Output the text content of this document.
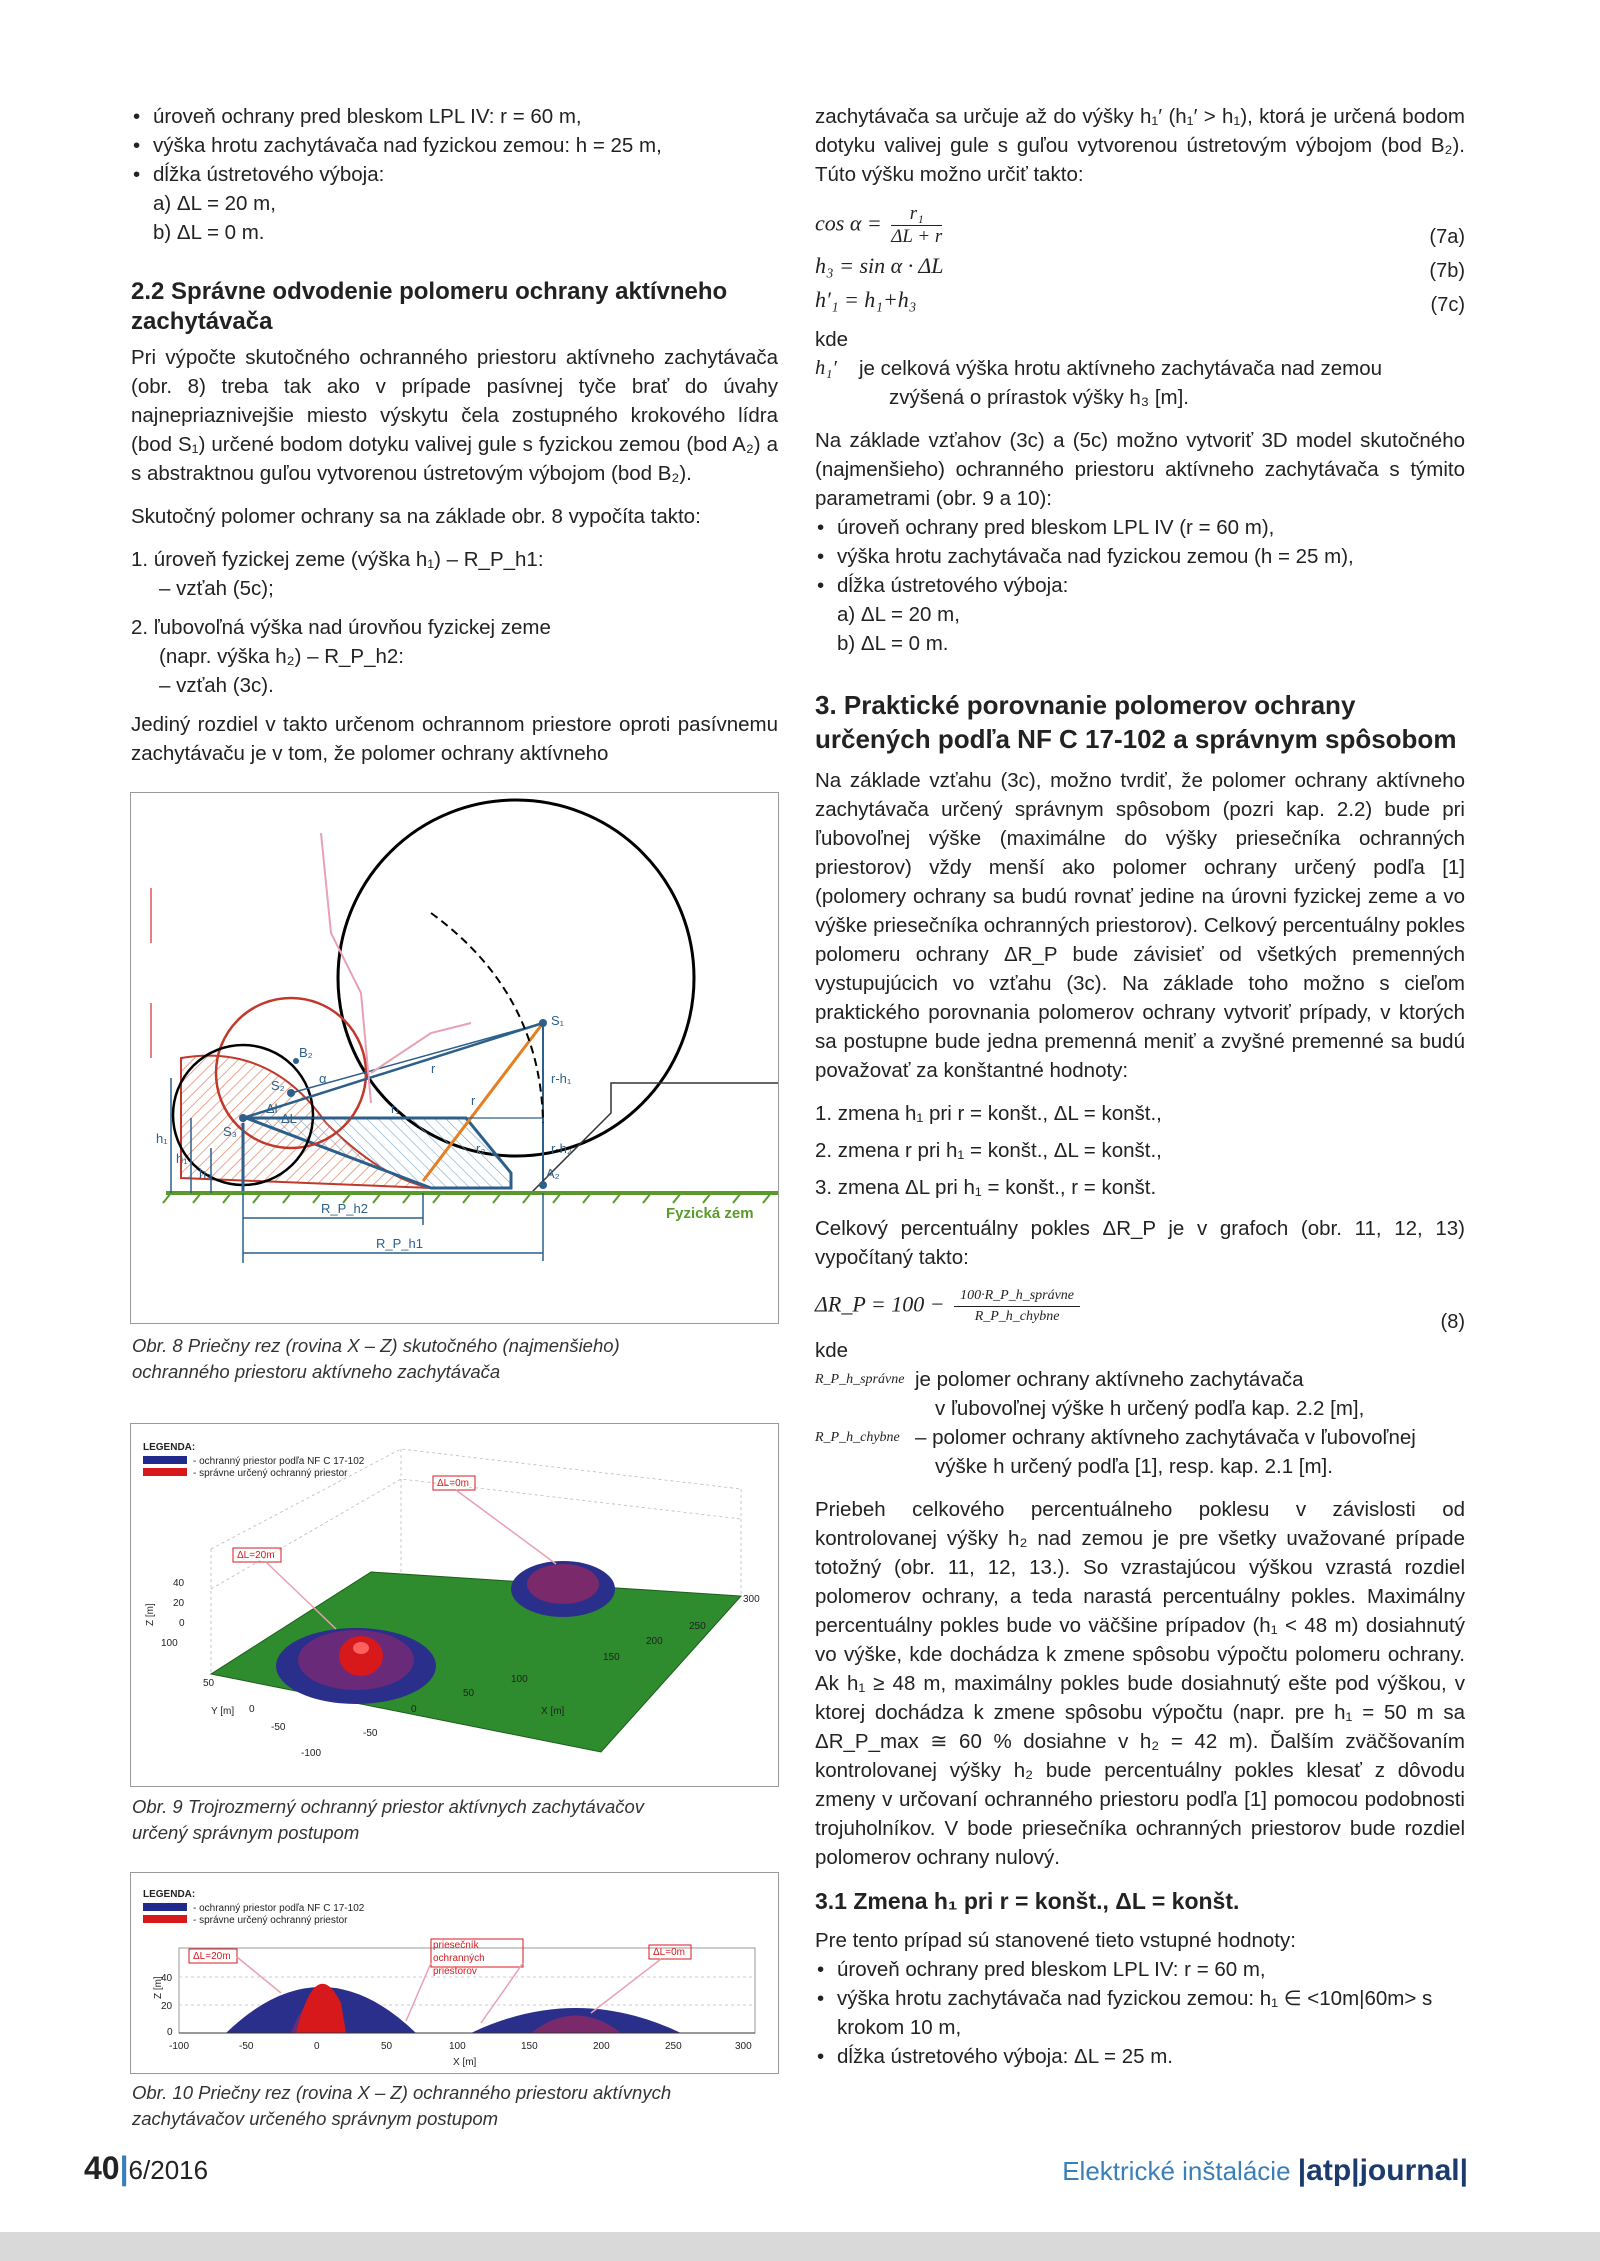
• úroveň ochrany pred bleskom LPL IV: r = 60 m,
• výška hrotu zachytávača nad fyzickou zemou: h = 25 m,
• dĺžka ústretového výboja:
a) ΔL = 20 m,
b) ΔL = 0 m.
2.2 Správne odvodenie polomeru ochrany aktívneho zachytávača

Pri výpočte skutočného ochranného priestoru aktívneho zachytávača (obr. 8) treba tak ako v prípade pasívnej tyče brať do úvahy najnepriaznivejšie miesto výskytu čela zostupného krokového lídra (bod S₁) určené bodom dotyku valivej gule s fyzickou zemou (bod A₂) a s abstraktnou guľou vytvorenou ústretovým výbojom (bod B₂).

Skutočný polomer ochrany sa na základe obr. 8 vypočíta takto:

1. úroveň fyzickej zeme (výška h₁) – R_P_h1:
– vzťah (5c);
2. ľubovoľná výška nad úrovňou fyzickej zeme
(napr. výška h₂) – R_P_h2:
– vzťah (3c).

Jediný rozdiel v takto určenom ochrannom priestore oproti pasívnemu zachytávaču je v tom, že polomer ochrany aktívneho

S₁
S₂
S₃
B₂
A₂
Δl
r
r
α
r₁
r₂
r-h₁
r-h₂
h₁
h₁
h₂
ΔL
R_P_h2
R_P_h1
Fyzická zem
Obr. 8 Priečny rez (rovina X – Z) skutočného (najmenšieho) ochranného priestoru aktívneho zachytávača
LEGENDA:
- ochranný priestor podľa NF C 17-102
- správne určený ochranný priestor
ΔL=0m
ΔL=20m
Z [m]
40
20
0
100
Y [m]
50
0
-50
-100
X [m]
-50
0
50
100
150
200
250
300
Obr. 9 Trojrozmerný ochranný priestor aktívnych zachytávačov určený správnym postupom
LEGENDA:
- ochranný priestor podľa NF C 17-102
- správne určený ochranný priestor
ΔL=20m
priesečník ochranných priestorov
ΔL=0m
Z [m]
40
20
0
-100	-50	0	50	100	150	200	250	300
X [m]
Obr. 10 Priečny rez (rovina X – Z) ochranného priestoru aktívnych zachytávačov určeného správnym postupom

zachytávača sa určuje až do výšky h₁′ (h₁′ > h₁), ktorá je určená bodom dotyku valivej gule s guľou vytvorenou ústretovým výbojom (bod B₂). Túto výšku možno určiť takto:

$\cos \alpha = \frac{\text{r₁}}{\Delta L + r}$	(7a)
h₃ = sin α · ΔL	(7b)
h′₁ = h₁+h₃	(7c)
kde
h₁′ je celková výška hrotu aktívneho zachytávača nad zemou
zvýšená o prírastok výšky h₃ [m].

Na základe vzťahov (3c) a (5c) možno vytvoriť 3D model skutočného (najmenšieho) ochranného priestoru aktívneho zachytávača s týmito parametrami (obr. 9 a 10):

• úroveň ochrany pred bleskom LPL IV (r = 60 m),
• výška hrotu zachytávača nad fyzickou zemou (h = 25 m),
• dĺžka ústretového výboja:
a) ΔL = 20 m,
b) ΔL = 0 m.
3. Praktické porovnanie polomerov ochrany určených podľa NF C 17-102 a správnym spôsobom

Na základe vzťahu (3c), možno tvrdiť, že polomer ochrany aktívneho zachytávača určený správnym spôsobom (pozri kap. 2.2) bude pri ľubovoľnej výške (maximálne do výšky priesečníka ochranných priestorov) vždy menší ako polomer ochrany určený podľa [1] (polomery ochrany sa budú rovnať jedine na úrovni fyzickej zeme a vo výške priesečníka ochranných priestorov). Celkový percentuálny pokles polomeru ochrany ΔR_P bude závisieť od všetkých premenných vystupujúcich vo vzťahu (3c). Na základe toho možno s cieľom praktického porovnania polomerov ochrany vytvoriť prípady, v ktorých sa postupne bude jedna premenná meniť a zvyšné premenné sa budú považovať za konštantné hodnoty:

1. zmena h₁ pri r = konšt., ΔL = konšt.,
2. zmena r pri h₁ = konšt., ΔL = konšt.,
3. zmena ΔL pri h₁ = konšt., r = konšt.

Celkový percentuálny pokles ΔR_P je v grafoch (obr. 11, 12, 13) vypočítaný takto:

ΔR_P = 100 −	100·R_P_h_správne
R_P_h_chybne	(8)
kde
R_P_h_správne je polomer ochrany aktívneho zachytávača
v ľubovoľnej výške h určený podľa kap. 2.2 [m],
R_P_h_chybne – polomer ochrany aktívneho zachytávača v ľubovoľnej
výške h určený podľa [1], resp. kap. 2.1 [m].

Priebeh celkového percentuálneho poklesu v závislosti od kontrolovanej výšky h₂ nad zemou je pre všetky uvažované prípade totožný (obr. 11, 12, 13.). So vzrastajúcou výškou vzrastá rozdiel polomerov ochrany, a teda narastá percentuálny pokles. Maximálny percentuálny pokles bude vo väčšine prípadov (h₁ < 48 m) dosiahnutý vo výške, kde dochádza k zmene spôsobu výpočtu polomeru ochrany. Ak h₁ ≥ 48 m, maximálny pokles bude dosiahnutý ešte pod výškou, v ktorej dochádza k zmene spôsobu výpočtu (napr. pre h₁ = 50 m sa ΔR_P_max ≅ 60 % dosiahne v h₂ = 42 m). Ďalším zväčšovaním kontrolovanej výšky h₂ bude percentuálny pokles klesať z dôvodu zmeny v určovaní ochranného priestoru podľa [1] pomocou podobnosti trojuholníkov. V bode priesečníka ochranných priestorov bude rozdiel polomerov ochrany nulový.

3.1 Zmena h₁ pri r = konšt., ΔL = konšt.
Pre tento prípad sú stanovené tieto vstupné hodnoty:
• úroveň ochrany pred bleskom LPL IV: r = 60 m,
• výška hrotu zachytávača nad fyzickou zemou: h₁ ∈ <10m|60m> s krokom 10 m,
• dĺžka ústretového výboja: ΔL = 25 m.
40|6/2016	Elektrické inštalácie |atp|journal|
